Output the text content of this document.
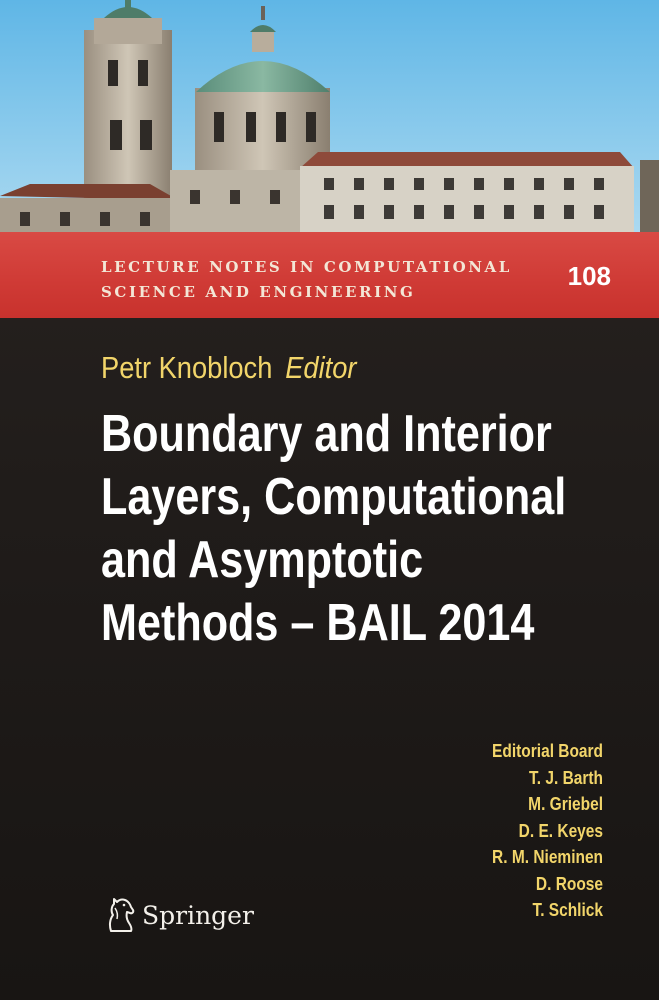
LECTURE NOTES IN COMPUTATIONAL
SCIENCE AND ENGINEERING
108
Petr Knobloch Editor
Boundary and Interior
Layers, Computational
and Asymptotic
Methods – BAIL 2014
Editorial Board
T. J. Barth
M. Griebel
D. E. Keyes
R. M. Nieminen
D. Roose
T. Schlick
Springer
